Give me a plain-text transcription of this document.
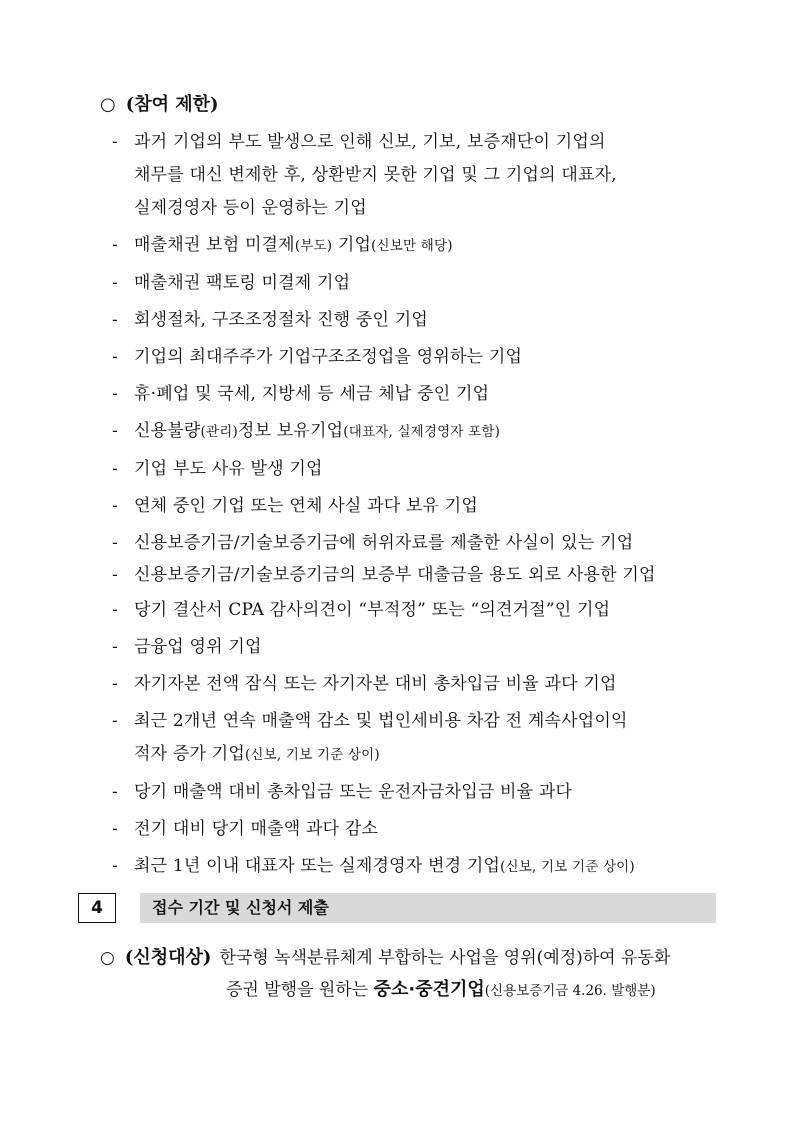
○ (참여 제한)
- 과거 기업의 부도 발생으로 인해 신보, 기보, 보증재단이 기업의
채무를 대신 변제한 후, 상환받지 못한 기업 및 그 기업의 대표자,
실제경영자 등이 운영하는 기업
- 매출채권 보험 미결제(부도) 기업(신보만 해당)
- 매출채권 팩토링 미결제 기업
- 회생절차, 구조조정절차 진행 중인 기업
- 기업의 최대주주가 기업구조조정업을 영위하는 기업
- 휴·폐업 및 국세, 지방세 등 세금 체납 중인 기업
- 신용불량(관리)정보 보유기업(대표자, 실제경영자 포함)
- 기업 부도 사유 발생 기업
- 연체 중인 기업 또는 연체 사실 과다 보유 기업
- 신용보증기금/기술보증기금에 허위자료를 제출한 사실이 있는 기업
- 신용보증기금/기술보증기금의 보증부 대출금을 용도 외로 사용한 기업
- 당기 결산서 CPA 감사의견이 “부적정” 또는 “의견거절”인 기업
- 금융업 영위 기업
- 자기자본 전액 잠식 또는 자기자본 대비 총차입금 비율 과다 기업
- 최근 2개년 연속 매출액 감소 및 법인세비용 차감 전 계속사업이익
적자 증가 기업(신보, 기보 기준 상이)
- 당기 매출액 대비 총차입금 또는 운전자금차입금 비율 과다
- 전기 대비 당기 매출액 과다 감소
- 최근 1년 이내 대표자 또는 실제경영자 변경 기업(신보, 기보 기준 상이)
4	접수 기간 및 신청서 제출
○ (신청대상) 한국형 녹색분류체계 부합하는 사업을 영위(예정)하여 유동화
증권 발행을 원하는 중소·중견기업(신용보증기금 4.26. 발행분)
